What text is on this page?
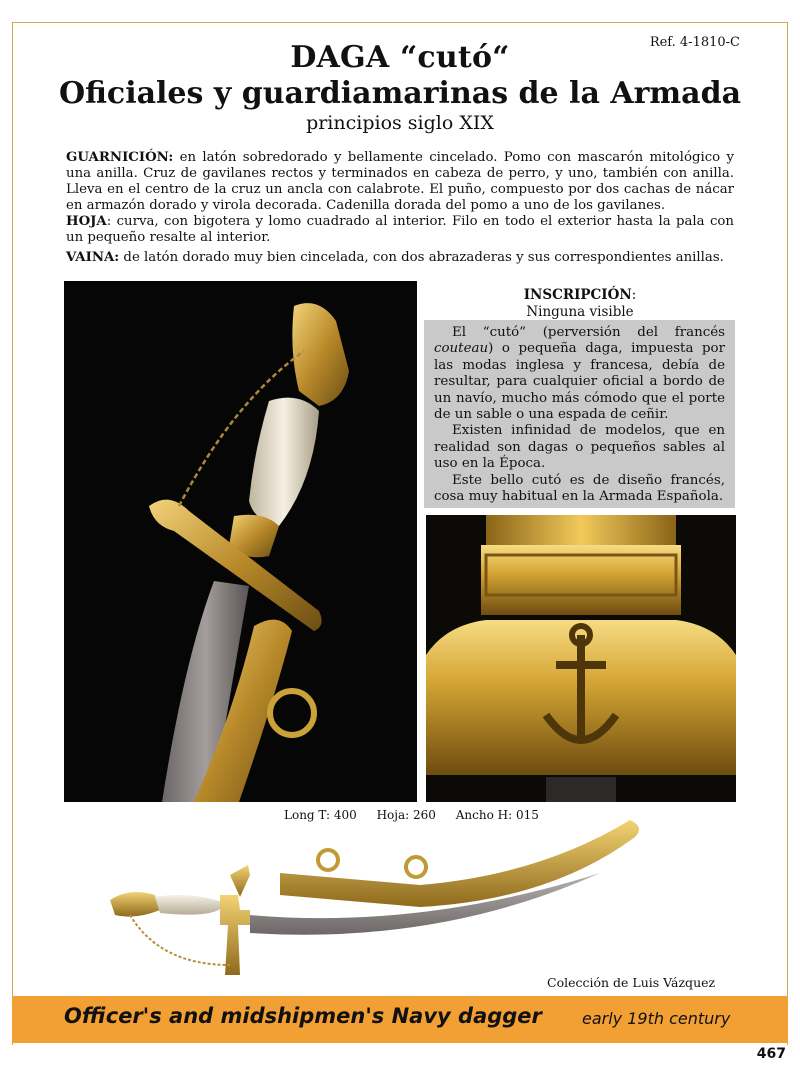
Ref. 4-1810-C
DAGA “cutó“
Oficiales y guardiamarinas de la Armada
principios siglo XIX
GUARNICIÓN: en latón sobredorado y bellamente cincelado. Pomo con mascarón mitológico y una anilla. Cruz de gavilanes rectos y terminados en cabeza de perro, y uno, también con anilla. Lleva en el centro de la cruz un ancla con calabrote. El puño, compuesto por dos cachas de nácar en armazón dorado y virola decorada. Cadenilla dorada del pomo a uno de los gavilanes.
HOJA: curva, con bigotera y lomo cuadrado al interior. Filo en todo el exterior hasta la pala con un pequeño resalte al interior.
VAINA: de latón dorado muy bien cincelada, con dos abrazaderas y sus correspondientes anillas.
INSCRIPCIÓN:
Ninguna visible

El “cutó” (perversión del francés couteau) o pequeña daga, impuesta por las modas inglesa y francesa, debía de resultar, para cualquier oficial a bordo de un navío, mucho más cómodo que el porte de un sable o una espada de ceñir.

Existen infinidad de modelos, que en realidad son dagas o pequeños sables al uso en la Época.

Este bello cutó es de diseño francés, cosa muy habitual en la Armada Española.

Long T: 400 Hoja: 260 Ancho H: 015
Colección de Luis Vázquez
Officer's and midshipmen's Navy dagger	early 19th century
467
